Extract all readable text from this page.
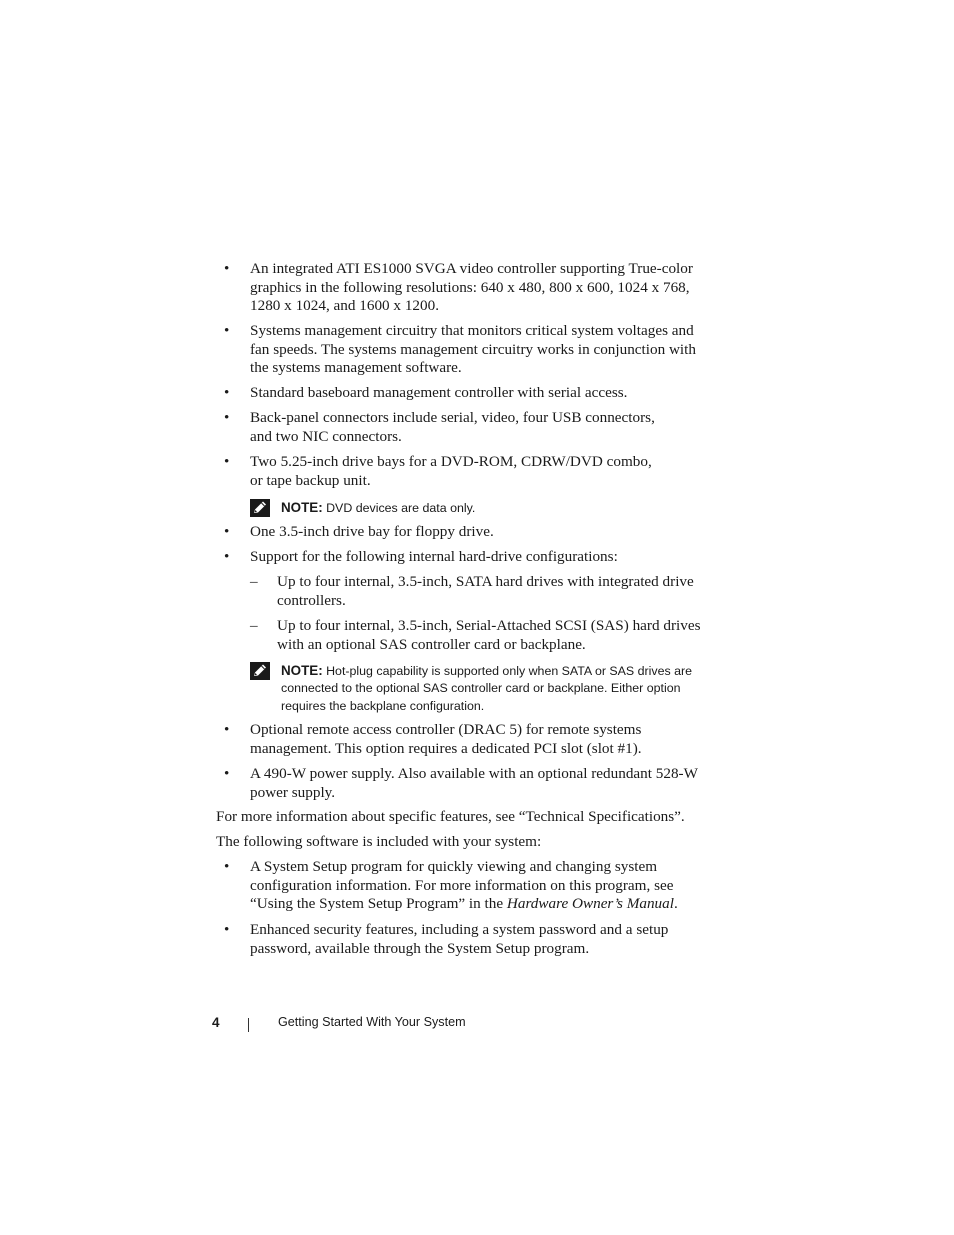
• An integrated ATI ES1000 SVGA video controller supporting True-color graphics in the following resolutions: 640 x 480, 800 x 600, 1024 x 768, 1280 x 1024, and 1600 x 1200.
• Systems management circuitry that monitors critical system voltages and fan speeds. The systems management circuitry works in conjunction with the systems management software.
• Standard baseboard management controller with serial access.
• Back-panel connectors include serial, video, four USB connectors, and two NIC connectors.
• Two 5.25-inch drive bays for a DVD-ROM, CDRW/DVD combo, or tape backup unit.
NOTE: DVD devices are data only.
• One 3.5-inch drive bay for floppy drive.
• Support for the following internal hard-drive configurations:
– Up to four internal, 3.5-inch, SATA hard drives with integrated drive controllers.
– Up to four internal, 3.5-inch, Serial-Attached SCSI (SAS) hard drives with an optional SAS controller card or backplane.
NOTE: Hot-plug capability is supported only when SATA or SAS drives are connected to the optional SAS controller card or backplane. Either option requires the backplane configuration.
• Optional remote access controller (DRAC 5) for remote systems management. This option requires a dedicated PCI slot (slot #1).
• A 490-W power supply. Also available with an optional redundant 528-W power supply.
For more information about specific features, see “Technical Specifications”.
The following software is included with your system:
• A System Setup program for quickly viewing and changing system configuration information. For more information on this program, see “Using the System Setup Program” in the Hardware Owner’s Manual.
• Enhanced security features, including a system password and a setup password, available through the System Setup program.
4	Getting Started With Your System
